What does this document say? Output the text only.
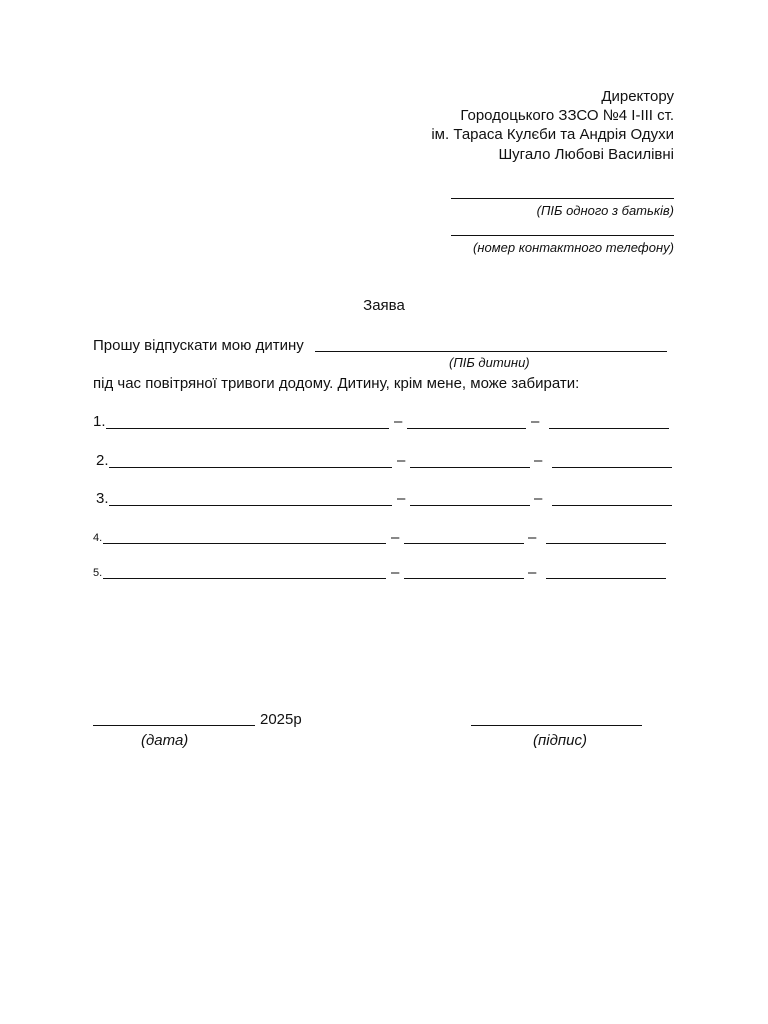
Директору
Городоцького ЗЗСО №4 І-ІІІ ст.
ім. Тараса Кулєби та Андрія Одухи
Шугало Любові Василівні
(ПІБ одного з батьків)
(номер контактного телефону)
Заява
Прошу відпускати мою дитину
(ПІБ дитини)
під час повітряної тривоги додому. Дитину, крім мене, може забирати:
1.	–	–
2.	–	–
3.	–	–
4.	–	–
5.	–	–
2025р
(дата)	(підпис)
